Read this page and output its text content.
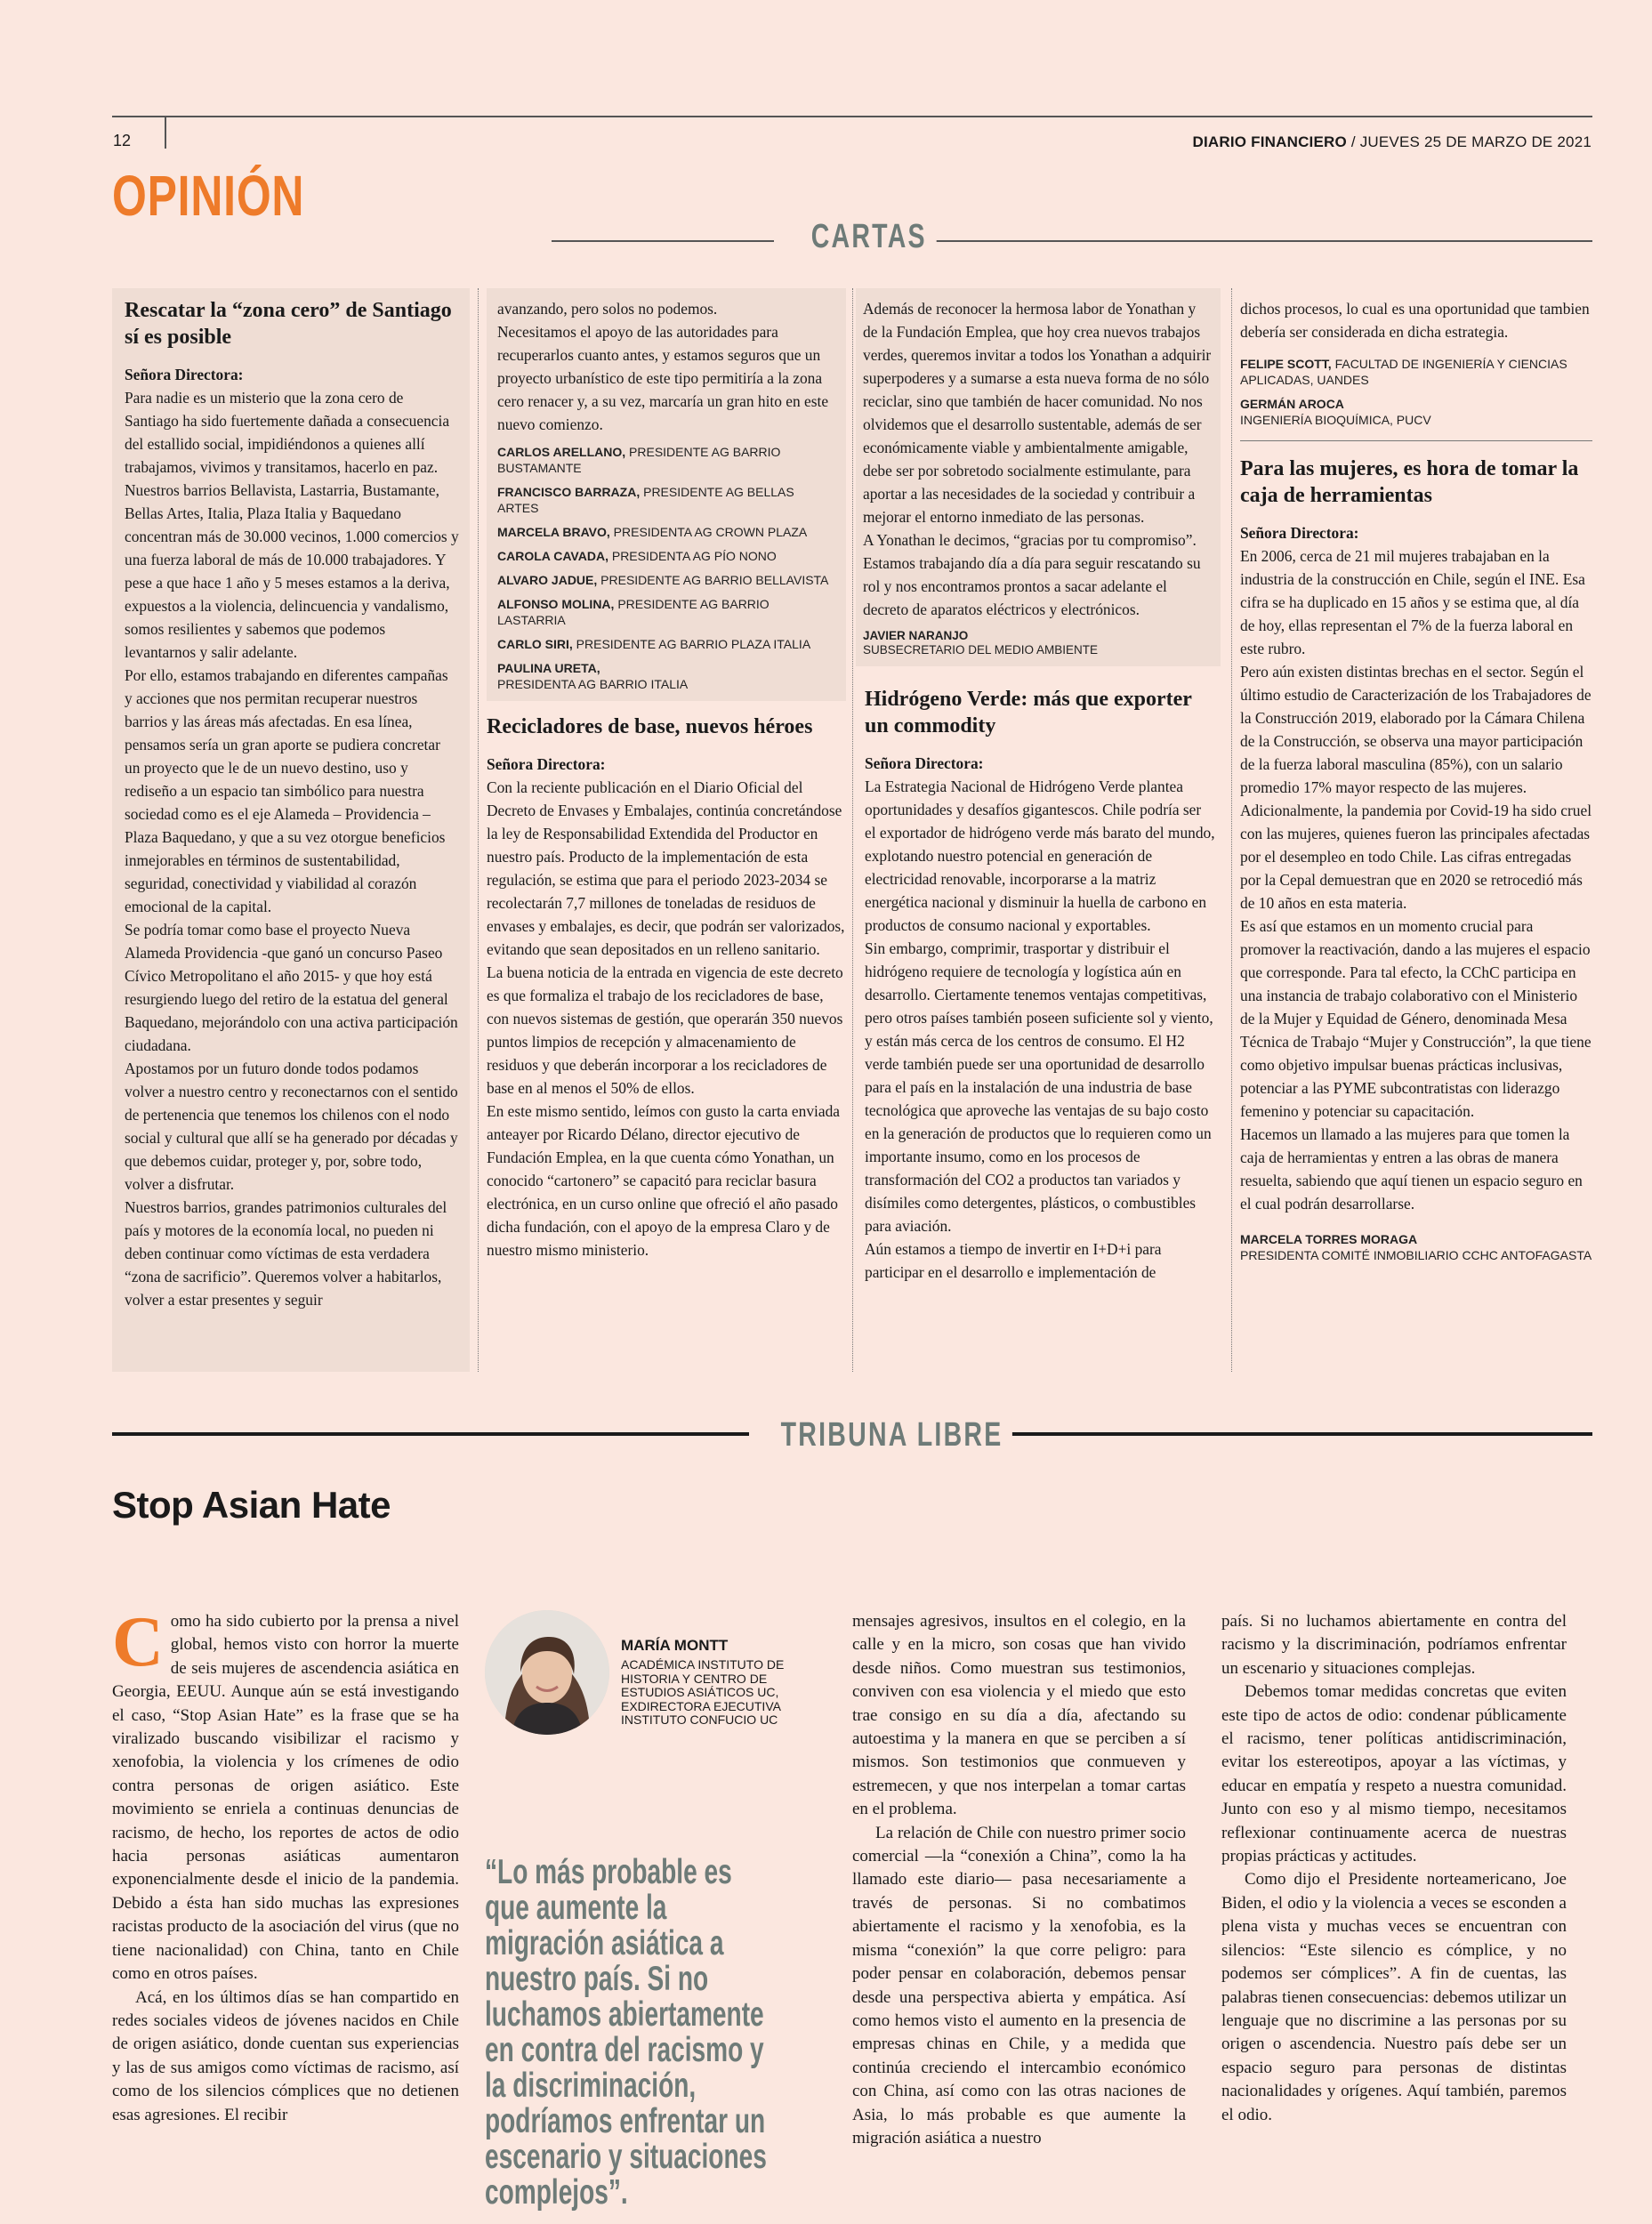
12	DIARIO FINANCIERO / JUEVES 25 DE MARZO DE 2021
OPINIÓN
CARTAS

Rescatar la “zona cero” de Santiago sí es posible

Señora Directora:

Para nadie es un misterio que la zona cero de Santiago ha sido fuertemente dañada a consecuencia del estallido social, impidiéndonos a quienes allí trabajamos, vivimos y transitamos, hacerlo en paz.

Nuestros barrios Bellavista, Lastarria, Bustamante, Bellas Artes, Italia, Plaza Italia y Baquedano concentran más de 30.000 vecinos, 1.000 comercios y una fuerza laboral de más de 10.000 trabajadores. Y pese a que hace 1 año y 5 meses estamos a la deriva, expuestos a la violencia, delincuencia y vandalismo, somos resilientes y sabemos que podemos levantarnos y salir adelante.

Por ello, estamos trabajando en diferentes campañas y acciones que nos permitan recuperar nuestros barrios y las áreas más afectadas. En esa línea, pensamos sería un gran aporte se pudiera concretar un proyecto que le de un nuevo destino, uso y rediseño a un espacio tan simbólico para nuestra sociedad como es el eje Alameda – Providencia – Plaza Baquedano, y que a su vez otorgue beneficios inmejorables en términos de sustentabilidad, seguridad, conectividad y viabilidad al corazón emocional de la capital.

Se podría tomar como base el proyecto Nueva Alameda Providencia -que ganó un concurso Paseo Cívico Metropolitano el año 2015- y que hoy está resurgiendo luego del retiro de la estatua del general Baquedano, mejorándolo con una activa participación ciudadana.

Apostamos por un futuro donde todos podamos volver a nuestro centro y reconectarnos con el sentido de pertenencia que tenemos los chilenos con el nodo social y cultural que allí se ha generado por décadas y que debemos cuidar, proteger y, por, sobre todo, volver a disfrutar.

Nuestros barrios, grandes patrimonios culturales del país y motores de la economía local, no pueden ni deben continuar como víctimas de esta verdadera “zona de sacrificio”. Queremos volver a habitarlos, volver a estar presentes y seguir

avanzando, pero solos no podemos.

Necesitamos el apoyo de las autoridades para recuperarlos cuanto antes, y estamos seguros que un proyecto urbanístico de este tipo permitiría a la zona cero renacer y, a su vez, marcaría un gran hito en este nuevo comienzo.

CARLOS ARELLANO, PRESIDENTE AG BARRIO BUSTAMANTE
FRANCISCO BARRAZA, PRESIDENTE AG BELLAS ARTES
MARCELA BRAVO, PRESIDENTA AG CROWN PLAZA
CAROLA CAVADA, PRESIDENTA AG PÍO NONO
ALVARO JADUE, PRESIDENTE AG BARRIO BELLAVISTA
ALFONSO MOLINA, PRESIDENTE AG BARRIO LASTARRIA
CARLO SIRI, PRESIDENTE AG BARRIO PLAZA ITALIA
PAULINA URETA,
PRESIDENTA AG BARRIO ITALIA

Recicladores de base, nuevos héroes

Señora Directora:

Con la reciente publicación en el Diario Oficial del Decreto de Envases y Embalajes, continúa concretándose la ley de Responsabilidad Extendida del Productor en nuestro país. Producto de la implementación de esta regulación, se estima que para el periodo 2023-2034 se recolectarán 7,7 millones de toneladas de residuos de envases y embalajes, es decir, que podrán ser valorizados, evitando que sean depositados en un relleno sanitario.

La buena noticia de la entrada en vigencia de este decreto es que formaliza el trabajo de los recicladores de base, con nuevos sistemas de gestión, que operarán 350 nuevos puntos limpios de recepción y almacenamiento de residuos y que deberán incorporar a los recicladores de base en al menos el 50% de ellos.

En este mismo sentido, leímos con gusto la carta enviada anteayer por Ricardo Délano, director ejecutivo de Fundación Emplea, en la que cuenta cómo Yonathan, un conocido “cartonero” se capacitó para reciclar basura electrónica, en un curso online que ofreció el año pasado dicha fundación, con el apoyo de la empresa Claro y de nuestro mismo ministerio.

Además de reconocer la hermosa labor de Yonathan y de la Fundación Emplea, que hoy crea nuevos trabajos verdes, queremos invitar a todos los Yonathan a adquirir superpoderes y a sumarse a esta nueva forma de no sólo reciclar, sino que también de hacer comunidad. No nos olvidemos que el desarrollo sustentable, además de ser económicamente viable y ambientalmente amigable, debe ser por sobretodo socialmente estimulante, para aportar a las necesidades de la sociedad y contribuir a mejorar el entorno inmediato de las personas.

A Yonathan le decimos, “gracias por tu compromiso”. Estamos trabajando día a día para seguir rescatando su rol y nos encontramos prontos a sacar adelante el decreto de aparatos eléctricos y electrónicos.

JAVIER NARANJO
SUBSECRETARIO DEL MEDIO AMBIENTE

Hidrógeno Verde: más que exporter un commodity

Señora Directora:

La Estrategia Nacional de Hidrógeno Verde plantea oportunidades y desafíos gigantescos. Chile podría ser el exportador de hidrógeno verde más barato del mundo, explotando nuestro potencial en generación de electricidad renovable, incorporarse a la matriz energética nacional y disminuir la huella de carbono en productos de consumo nacional y exportables.

Sin embargo, comprimir, trasportar y distribuir el hidrógeno requiere de tecnología y logística aún en desarrollo. Ciertamente tenemos ventajas competitivas, pero otros países también poseen suficiente sol y viento, y están más cerca de los centros de consumo. El H2 verde también puede ser una oportunidad de desarrollo para el país en la instalación de una industria de base tecnológica que aproveche las ventajas de su bajo costo en la generación de productos que lo requieren como un importante insumo, como en los procesos de transformación del CO2 a productos tan variados y disímiles como detergentes, plásticos, o combustibles para aviación.

Aún estamos a tiempo de invertir en I+D+i para participar en el desarrollo e implementación de

dichos procesos, lo cual es una oportunidad que tambien debería ser considerada en dicha estrategia.

FELIPE SCOTT, FACULTAD DE INGENIERÍA Y CIENCIAS APLICADAS, UANDES
GERMÁN AROCA
INGENIERÍA BIOQUÍMICA, PUCV

Para las mujeres, es hora de tomar la caja de herramientas

Señora Directora:

En 2006, cerca de 21 mil mujeres trabajaban en la industria de la construcción en Chile, según el INE. Esa cifra se ha duplicado en 15 años y se estima que, al día de hoy, ellas representan el 7% de la fuerza laboral en este rubro.

Pero aún existen distintas brechas en el sector. Según el último estudio de Caracterización de los Trabajadores de la Construcción 2019, elaborado por la Cámara Chilena de la Construcción, se observa una mayor participación de la fuerza laboral masculina (85%), con un salario promedio 17% mayor respecto de las mujeres. Adicionalmente, la pandemia por Covid-19 ha sido cruel con las mujeres, quienes fueron las principales afectadas por el desempleo en todo Chile. Las cifras entregadas por la Cepal demuestran que en 2020 se retrocedió más de 10 años en esta materia.

Es así que estamos en un momento crucial para promover la reactivación, dando a las mujeres el espacio que corresponde. Para tal efecto, la CChC participa en una instancia de trabajo colaborativo con el Ministerio de la Mujer y Equidad de Género, denominada Mesa Técnica de Trabajo “Mujer y Construcción”, la que tiene como objetivo impulsar buenas prácticas inclusivas, potenciar a las PYME subcontratistas con liderazgo femenino y potenciar su capacitación.

Hacemos un llamado a las mujeres para que tomen la caja de herramientas y entren a las obras de manera resuelta, sabiendo que aquí tienen un espacio seguro en el cual podrán desarrollarse.

MARCELA TORRES MORAGA
PRESIDENTA COMITÉ INMOBILIARIO CCHC ANTOFAGASTA
TRIBUNA LIBRE
Stop Asian Hate
C omo ha sido cubierto por la prensa a nivel global, hemos visto con horror la muerte de seis mujeres de ascendencia asiática en Georgia, EEUU. Aunque aún se está investigando el caso, “Stop Asian Hate” es la frase que se ha viralizado buscando visibilizar el racismo y xenofobia, la violencia y los crímenes de odio contra personas de origen asiático. Este movimiento se enriela a continuas denuncias de racismo, de hecho, los reportes de actos de odio hacia personas asiáticas aumentaron exponencialmente desde el inicio de la pandemia. Debido a ésta han sido muchas las expresiones racistas producto de la asociación del virus (que no tiene nacionalidad) con China, tanto en Chile como en otros países.

Acá, en los últimos días se han compartido en redes sociales videos de jóvenes nacidos en Chile de origen asiático, donde cuentan sus experiencias y las de sus amigos como víctimas de racismo, así como de los silencios cómplices que no detienen esas agresiones. El recibir

MARÍA MONTT
ACADÉMICA INSTITUTO DE HISTORIA Y CENTRO DE ESTUDIOS ASIÁTICOS UC, EXDIRECTORA EJECUTIVA INSTITUTO CONFUCIO UC
“Lo más probable es que aumente la migración asiática a nuestro país. Si no luchamos abiertamente en contra del racismo y la discriminación, podríamos enfrentar un escenario y situaciones complejos”.

mensajes agresivos, insultos en el colegio, en la calle y en la micro, son cosas que han vivido desde niños. Como muestran sus testimonios, conviven con esa violencia y el miedo que esto trae consigo en su día a día, afectando su autoestima y la manera en que se perciben a sí mismos. Son testimonios que conmueven y estremecen, y que nos interpelan a tomar cartas en el problema.

La relación de Chile con nuestro primer socio comercial —la “conexión a China”, como la ha llamado este diario— pasa necesariamente a través de personas. Si no combatimos abiertamente el racismo y la xenofobia, es la misma “conexión” la que corre peligro: para poder pensar en colaboración, debemos pensar desde una perspectiva abierta y empática. Así como hemos visto el aumento en la presencia de empresas chinas en Chile, y a medida que continúa creciendo el intercambio económico con China, así como con las otras naciones de Asia, lo más probable es que aumente la migración asiática a nuestro

país. Si no luchamos abiertamente en contra del racismo y la discriminación, podríamos enfrentar un escenario y situaciones complejas.

Debemos tomar medidas concretas que eviten este tipo de actos de odio: condenar públicamente el racismo, tener políticas antidiscriminación, evitar los estereotipos, apoyar a las víctimas, y educar en empatía y respeto a nuestra comunidad. Junto con eso y al mismo tiempo, necesitamos reflexionar continuamente acerca de nuestras propias prácticas y actitudes.

Como dijo el Presidente norteamericano, Joe Biden, el odio y la violencia a veces se esconden a plena vista y muchas veces se encuentran con silencios: “Este silencio es cómplice, y no podemos ser cómplices”. A fin de cuentas, las palabras tienen consecuencias: debemos utilizar un lenguaje que no discrimine a las personas por su origen o ascendencia. Nuestro país debe ser un espacio seguro para personas de distintas nacionalidades y orígenes. Aquí también, paremos el odio.
